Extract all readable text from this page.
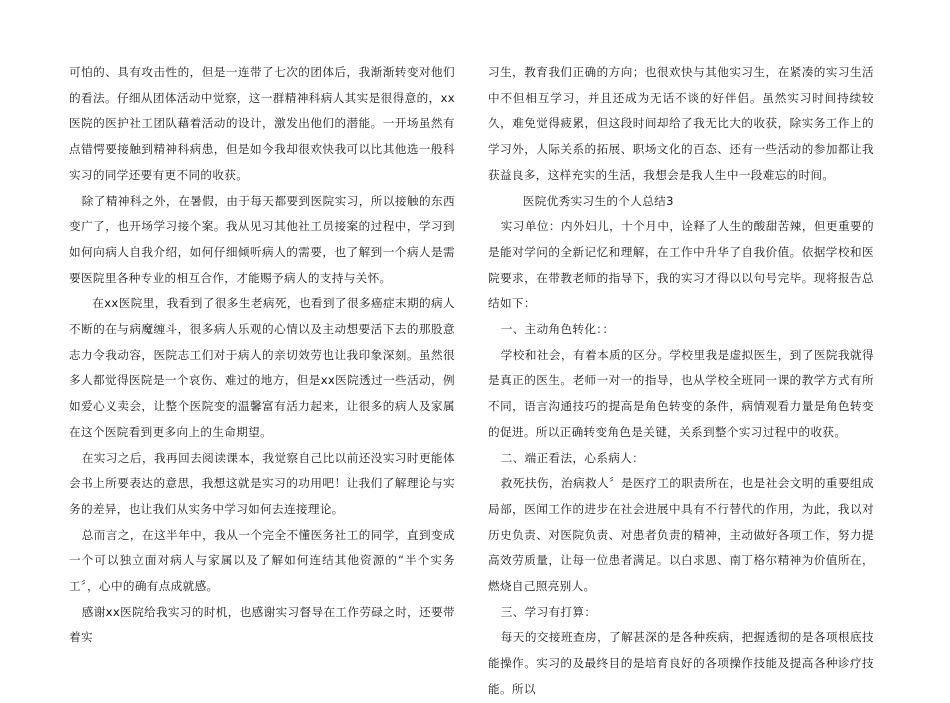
可怕的、具有攻击性的，但是一连带了七次的团体后，我渐渐转变对他们的看法。仔细从团体活动中觉察，这一群精神科病人其实是很得意的，xx医院的医护社工团队藉着活动的设计，激发出他们的潜能。一开场虽然有点错愕要接触到精神科病患，但是如今我却很欢快我可以比其他选一般科实习的同学还要有更不同的收获。

除了精神科之外，在暑假，由于每天都要到医院实习，所以接触的东西变广了，也开场学习接个案。我从见习其他社工员接案的过程中，学习到如何向病人自我介绍，如何仔细倾听病人的需要，也了解到一个病人是需要医院里各种专业的相互合作，才能赐予病人的支持与关怀。

在xx医院里，我看到了很多生老病死，也看到了很多癌症末期的病人不断的在与病魔缠斗，很多病人乐观的心情以及主动想要活下去的那股意志力令我动容，医院志工们对于病人的亲切效劳也让我印象深刻。虽然很多人都觉得医院是一个哀伤、难过的地方，但是xx医院透过一些活动，例如爱心义卖会，让整个医院变的温馨富有活力起来，让很多的病人及家属在这个医院看到更多向上的生命期望。

在实习之后，我再回去阅读课本，我觉察自己比以前还没实习时更能体会书上所要表达的意思，我想这就是实习的功用吧！让我们了解理论与实务的差异，也让我们从实务中学习如何去连接理论。

总而言之，在这半年中，我从一个完全不懂医务社工的同学，直到变成一个可以独立面对病人与家属以及了解如何连结其他资源的“半个实务工〞，心中的确有点成就感。

感谢xx医院给我实习的时机，也感谢实习督导在工作劳碌之时，还要带着实

习生，教育我们正确的方向；也很欢快与其他实习生，在紧凑的实习生活中不但相互学习，并且还成为无话不谈的好伴侣。虽然实习时间持续较久，难免觉得疲累，但这段时间却给了我无比大的收获，除实务工作上的学习外，人际关系的拓展、职场文化的百态、还有一些活动的参加都让我获益良多，这样充实的生活，我想会是我人生中一段难忘的时间。

医院优秀实习生的个人总结3

实习单位：内外妇儿，十个月中，诠释了人生的酸甜苦辣，但更重要的是能对学问的全新记忆和理解，在工作中升华了自我价值。依据学校和医院要求，在带教老师的指导下，我的实习才得以以句号完毕。现将报告总结如下：

一、主动角色转化：：

学校和社会，有着本质的区分。学校里我是虚拟医生，到了医院我就得是真正的医生。老师一对一的指导，也从学校全班同一课的教学方式有所不同，语言沟通技巧的提高是角色转变的条件，病情观看力量是角色转变的促进。所以正确转变角色是关键，关系到整个实习过程中的收获。

二、端正看法，心系病人：

救死扶伤，治病救人〞是医疗工的职责所在，也是社会文明的重要组成局部，医闻工作的进步在社会进展中具有不行替代的作用，为此，我以对历史负责、对医院负责、对患者负责的精神，主动做好各项工作，努力提高效劳质量，让每一位患者满足。以白求恩、南丁格尔精神为价值所在，燃烧自己照亮别人。

三、学习有打算：

每天的交接班查房，了解甚深的是各种疾病，把握透彻的是各项根底技能操作。实习的及最终目的是培育良好的各项操作技能及提高各种诊疗技能。所以
